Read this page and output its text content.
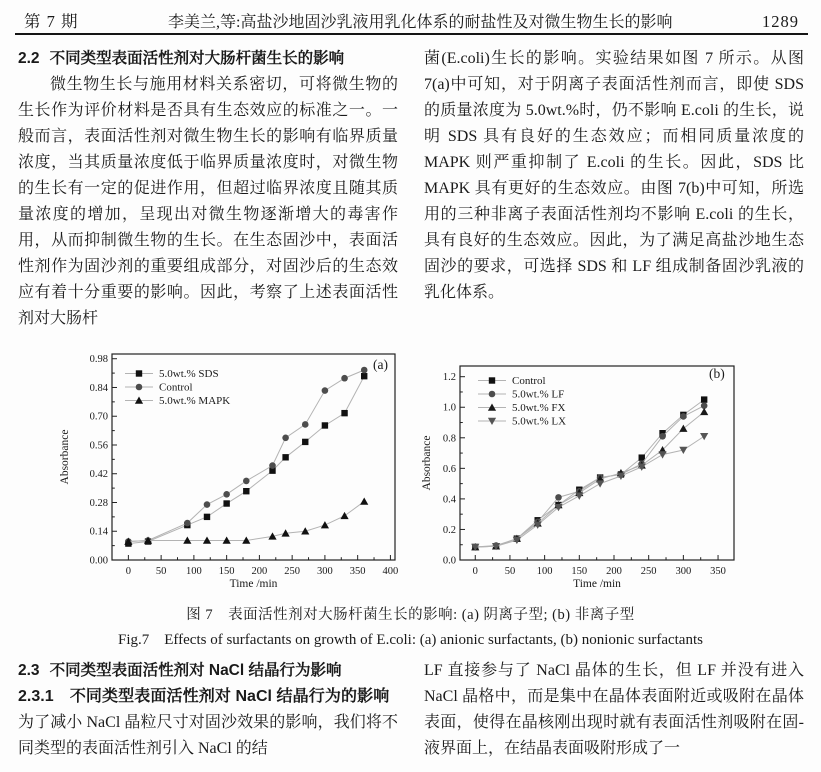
第 7 期	李美兰,等:高盐沙地固沙乳液用乳化体系的耐盐性及对微生物生长的影响	1289

2.2 不同类型表面活性剂对大肠杆菌生长的影响

微生物生长与施用材料关系密切，可将微生物的生长作为评价材料是否具有生态效应的标准之一。一般而言，表面活性剂对微生物生长的影响有临界质量浓度，当其质量浓度低于临界质量浓度时，对微生物的生长有一定的促进作用，但超过临界浓度且随其质量浓度的增加，呈现出对微生物逐渐增大的毒害作用，从而抑制微生物的生长。在生态固沙中，表面活性剂作为固沙剂的重要组成部分，对固沙后的生态效应有着十分重要的影响。因此，考察了上述表面活性剂对大肠杆

菌(E.coli)生长的影响。实验结果如图 7 所示。从图 7(a)中可知，对于阴离子表面活性剂而言，即使 SDS 的质量浓度为 5.0wt.%时，仍不影响 E.coli 的生长，说明 SDS 具有良好的生态效应；而相同质量浓度的 MAPK 则严重抑制了 E.coli 的生长。因此，SDS 比 MAPK 具有更好的生态效应。由图 7(b)中可知，所选用的三种非离子表面活性剂均不影响 E.coli 的生长，具有良好的生态效应。因此，为了满足高盐沙地生态固沙的要求，可选择 SDS 和 LF 组成制备固沙乳液的乳化体系。

0 50 100 150 200 250 300 350 400
Time /min
0.00
0.14
0.28
0.42
0.56
0.70
0.84
0.98
Absorbance
5.0wt.% SDS
Control
5.0wt.% MAPK
(a)
0	50 100 150 200 250 300 350
Time /min
0.0
0.2
0.4
0.6
0.8
1.0
1.2
Absorbance
Control
5.0wt.% LF
5.0wt.% FX
5.0wt.% LX
(b)
图 7　表面活性剂对大肠杆菌生长的影响: (a) 阴离子型; (b) 非离子型
Fig.7　Effects of surfactants on growth of E.coli: (a) anionic surfactants, (b) nonionic surfactants

2.3 不同类型表面活性剂对 NaCl 结晶行为影响

2.3.1　不同类型表面活性剂对 NaCl 结晶行为的影响为了减小 NaCl 晶粒尺寸对固沙效果的影响，我们将不同类型的表面活性剂引入 NaCl 的结

LF 直接参与了 NaCl 晶体的生长，但 LF 并没有进入 NaCl 晶格中，而是集中在晶体表面附近或吸附在晶体表面，使得在晶核刚出现时就有表面活性剂吸附在固-液界面上，在结晶表面吸附形成了一
